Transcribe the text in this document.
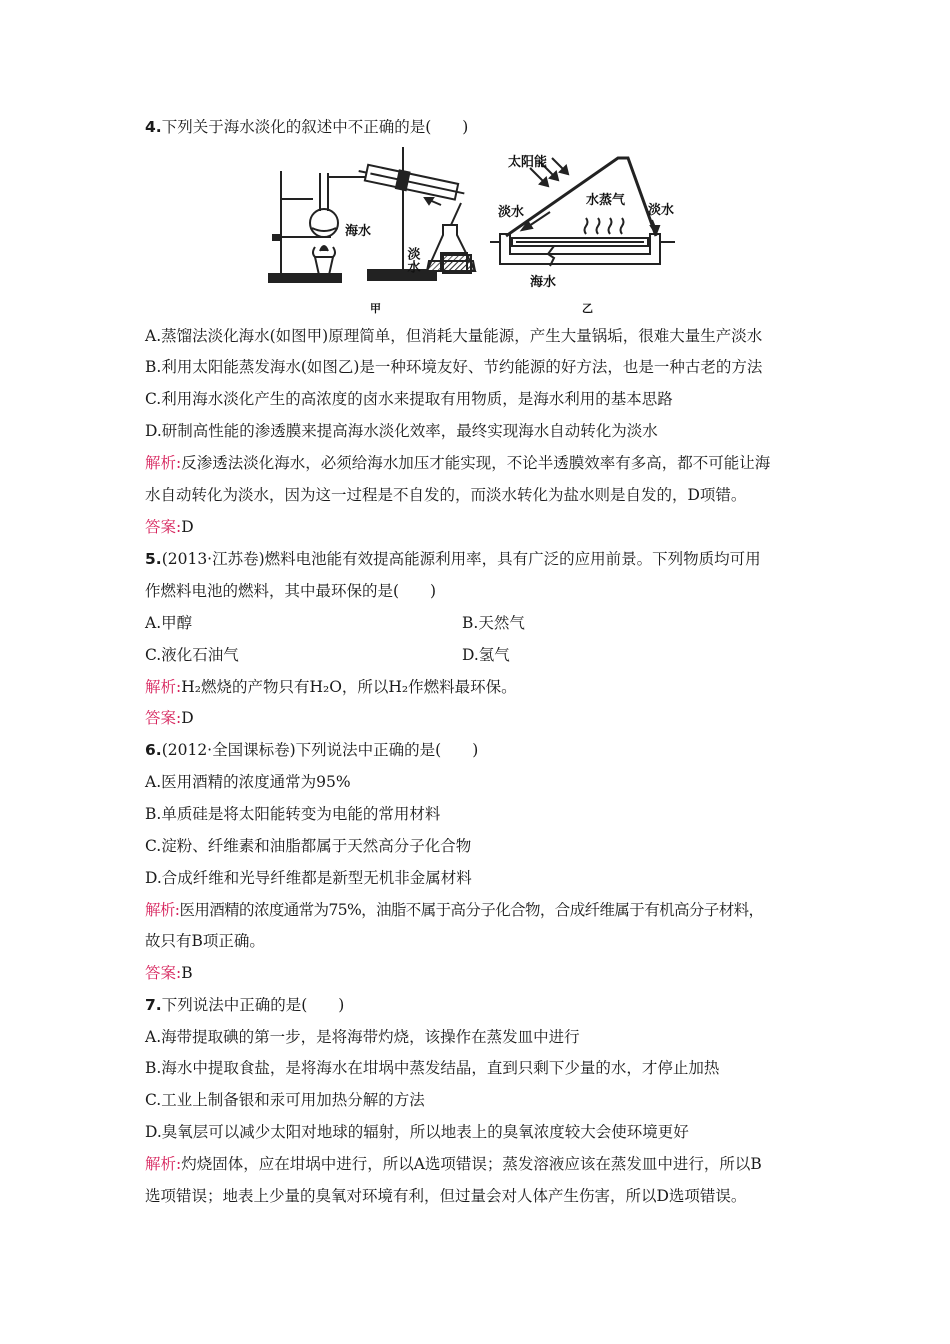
4.下列关于海水淡化的叙述中不正确的是(　　)
海水
淡水
甲
太阳能
淡水
水蒸气
淡水
海水
乙
A.蒸馏法淡化海水(如图甲)原理简单，但消耗大量能源，产生大量锅垢，很难大量生产淡水
B.利用太阳能蒸发海水(如图乙)是一种环境友好、节约能源的好方法，也是一种古老的方法
C.利用海水淡化产生的高浓度的卤水来提取有用物质，是海水利用的基本思路
D.研制高性能的渗透膜来提高海水淡化效率，最终实现海水自动转化为淡水
解析:反渗透法淡化海水，必须给海水加压才能实现，不论半透膜效率有多高，都不可能让海
水自动转化为淡水，因为这一过程是不自发的，而淡水转化为盐水则是自发的，D项错。
答案:D
5.(2013·江苏卷)燃料电池能有效提高能源利用率，具有广泛的应用前景。下列物质均可用
作燃料电池的燃料，其中最环保的是(　　)
A.甲醇	B.天然气
C.液化石油气	D.氢气
解析:H₂燃烧的产物只有H₂O，所以H₂作燃料最环保。
答案:D
6.(2012·全国课标卷)下列说法中正确的是(　　)
A.医用酒精的浓度通常为95%
B.单质硅是将太阳能转变为电能的常用材料
C.淀粉、纤维素和油脂都属于天然高分子化合物
D.合成纤维和光导纤维都是新型无机非金属材料
解析:医用酒精的浓度通常为75%，油脂不属于高分子化合物，合成纤维属于有机高分子材料，
故只有B项正确。
答案:B
7.下列说法中正确的是(　　)
A.海带提取碘的第一步，是将海带灼烧，该操作在蒸发皿中进行
B.海水中提取食盐，是将海水在坩埚中蒸发结晶，直到只剩下少量的水，才停止加热
C.工业上制备银和汞可用加热分解的方法
D.臭氧层可以减少太阳对地球的辐射，所以地表上的臭氧浓度较大会使环境更好
解析:灼烧固体，应在坩埚中进行，所以A选项错误；蒸发溶液应该在蒸发皿中进行，所以B
选项错误；地表上少量的臭氧对环境有利，但过量会对人体产生伤害，所以D选项错误。
